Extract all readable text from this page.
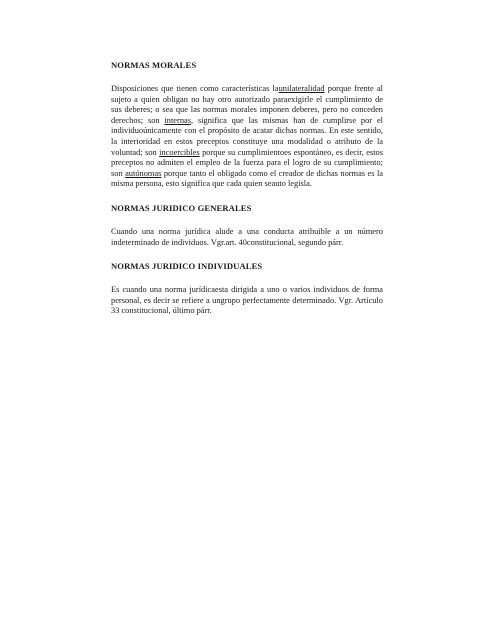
NORMAS MORALES

Disposiciones que tienen como características launilateralidad porque frente al sujeto a quien obligan no hay otro autorizado paraexigirle el cumplimiento de sus deberes; o sea que las normas morales imponen deberes, pero no conceden derechos; son internas, significa que las mismas han de cumplirse por el individuoúnicamente con el propósito de acatar dichas normas. En este sentido, la interioridad en estos preceptos constituye una modalidad o atributo de la voluntad; son incoercibles porque su cumplimientoes espontáneo, es decir, estos preceptos no admiten el empleo de la fuerza para el logro de su cumplimiento; son autónomas porque tanto el obligado como el creador de dichas normas es la misma persona, esto significa que cada quien seauto legisla.

NORMAS JURIDICO GENERALES

Cuando una norma jurídica alude a una conducta atribuible a un número indeterminado de individuos. Vgr.art. 40constitucional, segundo párr.

NORMAS JURIDICO INDIVIDUALES

Es cuando una norma jurídicaesta dirigida a uno o varios individuos de forma personal, es decir se refiere a ungrupo perfectamente determinado. Vgr. Artículo 33 constitucional, último párr.
